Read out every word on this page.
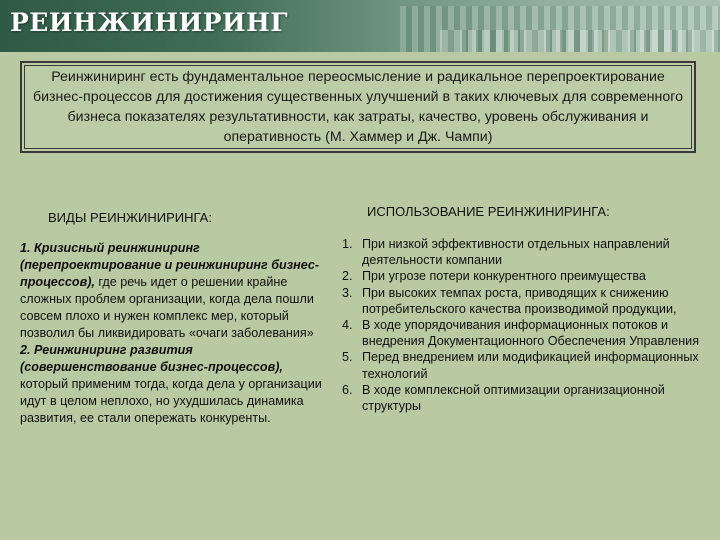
РЕИНЖИНИРИНГ

Реинжиниринг есть фундаментальное переосмысление и радикальное перепроектирование бизнес-процессов для достижения существенных улучшений в таких ключевых для современного бизнеса показателях результативности, как затраты, качество, уровень обслуживания и оперативность (М. Хаммер и Дж. Чампи)

ВИДЫ РЕИНЖИНИРИНГА:

1. Кризисный реинжиниринг (перепроектирование и реинжиниринг бизнес-процессов), где речь идет о решении крайне сложных проблем организации, когда дела пошли совсем плохо и нужен комплекс мер, который позволил бы ликвидировать «очаги заболевания»

2. Реинжиниринг развития (совершенствование бизнес-процессов), который применим тогда, когда дела у организации идут в целом неплохо, но ухудшилась динамика развития, ее стали опережать конкуренты.

ИСПОЛЬЗОВАНИЕ РЕИНЖИНИРИНГА:
1. При низкой эффективности отдельных направлений деятельности компании
2. При угрозе потери конкурентного преимущества
3. При высоких темпах роста, приводящих к снижению потребительского качества производимой продукции,
4. В ходе упорядочивания информационных потоков и внедрения Документационного Обеспечения Управления
5. Перед внедрением или модификацией информационных технологий
6. В ходе комплексной оптимизации организационной структуры
